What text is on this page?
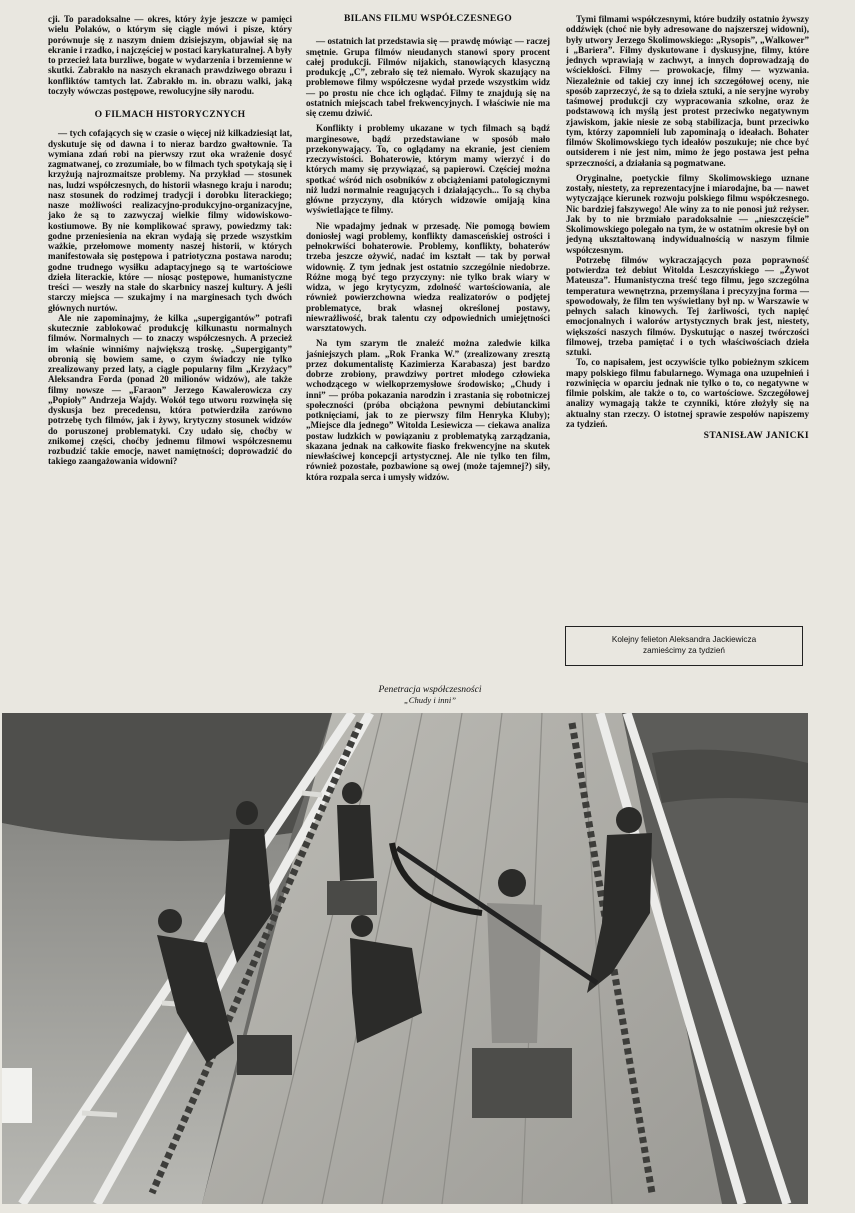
cji. To paradoksalne — okres, który żyje jeszcze w pamięci wielu Polaków, o którym się ciągle mówi i pisze, który porównuje się z naszym dniem dzisiejszym, objawiał się na ekranie i rzadko, i najczęściej w postaci karykaturalnej. A były to przecież lata burzliwe, bogate w wydarzenia i brzemienne w skutki. Zabrakło na naszych ekranach prawdziwego obrazu i konfliktów tamtych lat. Zabrakło m. in. obrazu walki, jaką toczyły wówczas postępowe, rewolucyjne siły narodu.

O FILMACH HISTORYCZNYCH

— tych cofających się w czasie o więcej niż kilkadziesiąt lat, dyskutuje się od dawna i to nieraz bardzo gwałtownie. Ta wymiana zdań robi na pierwszy rzut oka wrażenie dosyć zagmatwanej, co zrozumiałe, bo w filmach tych spotykają się i krzyżują najrozmaitsze problemy. Na przykład — stosunek nas, ludzi współczesnych, do historii własnego kraju i narodu; nasz stosunek do rodzimej tradycji i dorobku literackiego; nasze możliwości realizacyjno-produkcyjno-organizacyjne, jako że są to zazwyczaj wielkie filmy widowiskowo-kostiumowe. By nie komplikować sprawy, powiedzmy tak: godne przeniesienia na ekran wydają się przede wszystkim ważkie, przełomowe momenty naszej historii, w których manifestowała się postępowa i patriotyczna postawa narodu; godne trudnego wysiłku adaptacyjnego są te wartościowe dzieła literackie, które — niosąc postępowe, humanistyczne treści — weszły na stałe do skarbnicy naszej kultury. A jeśli starczy miejsca — szukajmy i na marginesach tych dwóch głównych nurtów.

Ale nie zapominajmy, że kilka „supergigantów” potrafi skutecznie zablokować produkcję kilkunastu normalnych filmów. Normalnych — to znaczy współczesnych. A przecież im właśnie winniśmy największą troskę. „Supergiganty” obronią się bowiem same, o czym świadczy nie tylko zrealizowany przed laty, a ciągle popularny film „Krzyżacy” Aleksandra Forda (ponad 20 milionów widzów), ale także filmy nowsze — „Faraon” Jerzego Kawalerowicza czy „Popioły” Andrzeja Wajdy. Wokół tego utworu rozwinęła się dyskusja bez precedensu, która potwierdziła zarówno potrzebę tych filmów, jak i żywy, krytyczny stosunek widzów do poruszonej problematyki. Czy udało się, choćby w znikomej części, choćby jednemu filmowi współczesnemu rozbudzić takie emocje, nawet namiętności; doprowadzić do takiego zaangażowania widowni?

BILANS FILMU WSPÓŁCZESNEGO

— ostatnich lat przedstawia się — prawdę mówiąc — raczej smętnie. Grupa filmów nieudanych stanowi spory procent całej produkcji. Filmów nijakich, stanowiących klasyczną produkcję „C”, zebrało się też niemało. Wyrok skazujący na problemowe filmy współczesne wydał przede wszystkim widz — po prostu nie chce ich oglądać. Filmy te znajdują się na ostatnich miejscach tabel frekwencyjnych. I właściwie nie ma się czemu dziwić.

Konflikty i problemy ukazane w tych filmach są bądź marginesowe, bądź przedstawiane w sposób mało przekonywający. To, co oglądamy na ekranie, jest cieniem rzeczywistości. Bohaterowie, którym mamy wierzyć i do których mamy się przywiązać, są papierowi. Częściej można spotkać wśród nich osobników z obciążeniami patologicznymi niż ludzi normalnie reagujących i działających... To są chyba główne przyczyny, dla których widzowie omijają kina wyświetlające te filmy.

Nie wpadajmy jednak w przesadę. Nie pomogą bowiem doniosłej wagi problemy, konflikty damasceńskiej ostrości i pełnokrwiści bohaterowie. Problemy, konflikty, bohaterów trzeba jeszcze ożywić, nadać im kształt — tak by porwał widownię. Z tym jednak jest ostatnio szczególnie niedobrze. Różne mogą być tego przyczyny: nie tylko brak wiary w widza, w jego krytycyzm, zdolność wartościowania, ale również powierzchowna wiedza realizatorów o podjętej problematyce, brak własnej określonej postawy, niewrażliwość, brak talentu czy odpowiednich umiejętności warsztatowych.

Na tym szarym tle znaleźć można zaledwie kilka jaśniejszych plam. „Rok Franka W.” (zrealizowany zresztą przez dokumentalistę Kazimierza Karabasza) jest bardzo dobrze zrobiony, prawdziwy portret młodego człowieka wchodzącego w wielkoprzemysłowe środowisko; „Chudy i inni” — próba pokazania narodzin i zrastania się robotniczej społeczności (próba obciążona pewnymi debiutanckimi potknięciami, jak to ze pierwszy film Henryka Kluby); „Miejsce dla jednego” Witolda Lesiewicza — ciekawa analiza postaw ludzkich w powiązaniu z problematyką zarządzania, skazana jednak na całkowite fiasko frekwencyjne na skutek niewłaściwej koncepcji artystycznej. Ale nie tylko ten film, również pozostałe, pozbawione są owej (może tajemnej?) siły, która rozpala serca i umysły widzów.

Tymi filmami współczesnymi, które budziły ostatnio żywszy oddźwięk (choć nie były adresowane do najszerszej widowni), były utwory Jerzego Skolimowskiego: „Rysopis”, „Walkower” i „Bariera”. Filmy dyskutowane i dyskusyjne, filmy, które jednych wprawiają w zachwyt, a innych doprowadzają do wściekłości. Filmy — prowokacje, filmy — wyzwania. Niezależnie od takiej czy innej ich szczegółowej oceny, nie sposób zaprzeczyć, że są to dzieła sztuki, a nie seryjne wyroby taśmowej produkcji czy wypracowania szkolne, oraz że podstawową ich myślą jest protest przeciwko negatywnym zjawiskom, jakie niesie ze sobą stabilizacja, bunt przeciwko tym, którzy zapomnieli lub zapominają o ideałach. Bohater filmów Skolimowskiego tych ideałów poszukuje; nie chce być outsiderem i nie jest nim, mimo że jego postawa jest pełna sprzeczności, a działania są pogmatwane.

Oryginalne, poetyckie filmy Skolimowskiego uznane zostały, niestety, za reprezentacyjne i miarodajne, ba — nawet wytyczające kierunek rozwoju polskiego filmu współczesnego. Nic bardziej fałszywego! Ale winy za to nie ponosi już reżyser. Jak by to nie brzmiało paradoksalnie — „nieszczęście” Skolimowskiego polegało na tym, że w ostatnim okresie był on jedyną ukształtowaną indywidualnością w naszym filmie współczesnym.

Potrzebę filmów wykraczających poza poprawność potwierdza też debiut Witolda Leszczyńskiego — „Żywot Mateusza”. Humanistyczna treść tego filmu, jego szczególna temperatura wewnętrzna, przemyślana i precyzyjna forma — spowodowały, że film ten wyświetlany był np. w Warszawie w pełnych salach kinowych. Tej żarliwości, tych napięć emocjonalnych i walorów artystycznych brak jest, niestety, większości naszych filmów. Dyskutując o naszej twórczości filmowej, trzeba pamiętać i o tych właściwościach dzieła sztuki.

To, co napisałem, jest oczywiście tylko pobieżnym szkicem mapy polskiego filmu fabularnego. Wymaga ona uzupełnień i rozwinięcia w oparciu jednak nie tylko o to, co negatywne w filmie polskim, ale także o to, co wartościowe. Szczegółowej analizy wymagają także te czynniki, które złożyły się na aktualny stan rzeczy. O istotnej sprawie zespołów napiszemy za tydzień.

STANISŁAW JANICKI
Kolejny felieton Aleksandra Jackiewicza
zamieścimy za tydzień
Penetracja współczesności
„Chudy i inni”
